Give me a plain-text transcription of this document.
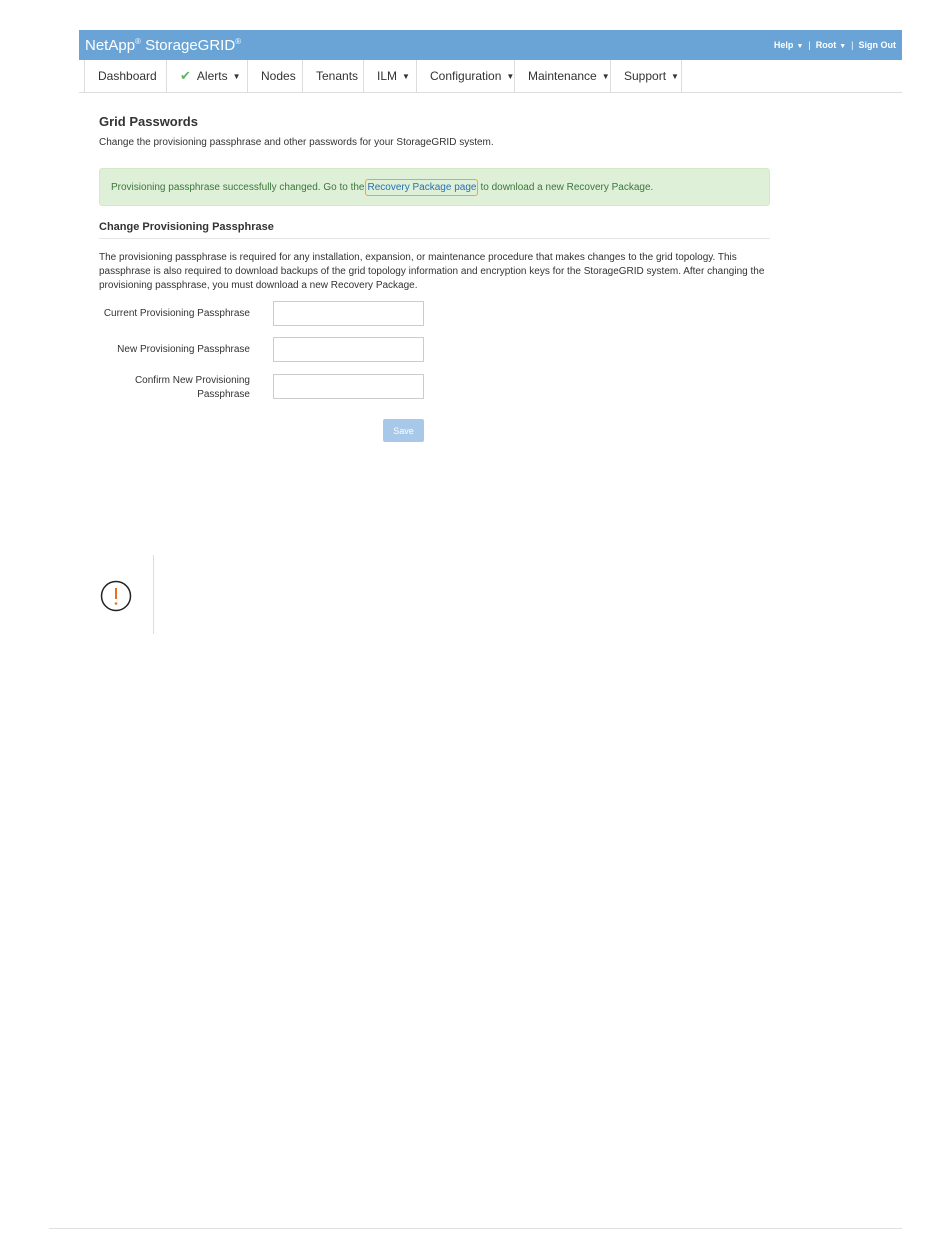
NetApp® StorageGRID®	Help ▼ | Root ▼ | Sign Out
Dashboard ✔ Alerts ▼ Nodes Tenants ILM ▼ Configuration ▼ Maintenance ▼ Support ▼
Grid Passwords
Change the provisioning passphrase and other passwords for your StorageGRID system.
Provisioning passphrase successfully changed. Go to the Recovery Package page to download a new Recovery Package.
Change Provisioning Passphrase
The provisioning passphrase is required for any installation, expansion, or maintenance procedure that makes changes to the grid topology. This passphrase is also required to download backups of the grid topology information and encryption keys for the StorageGRID system. After changing the provisioning passphrase, you must download a new Recovery Package.
Current Provisioning Passphrase
New Provisioning Passphrase
Confirm New Provisioning Passphrase
Save
